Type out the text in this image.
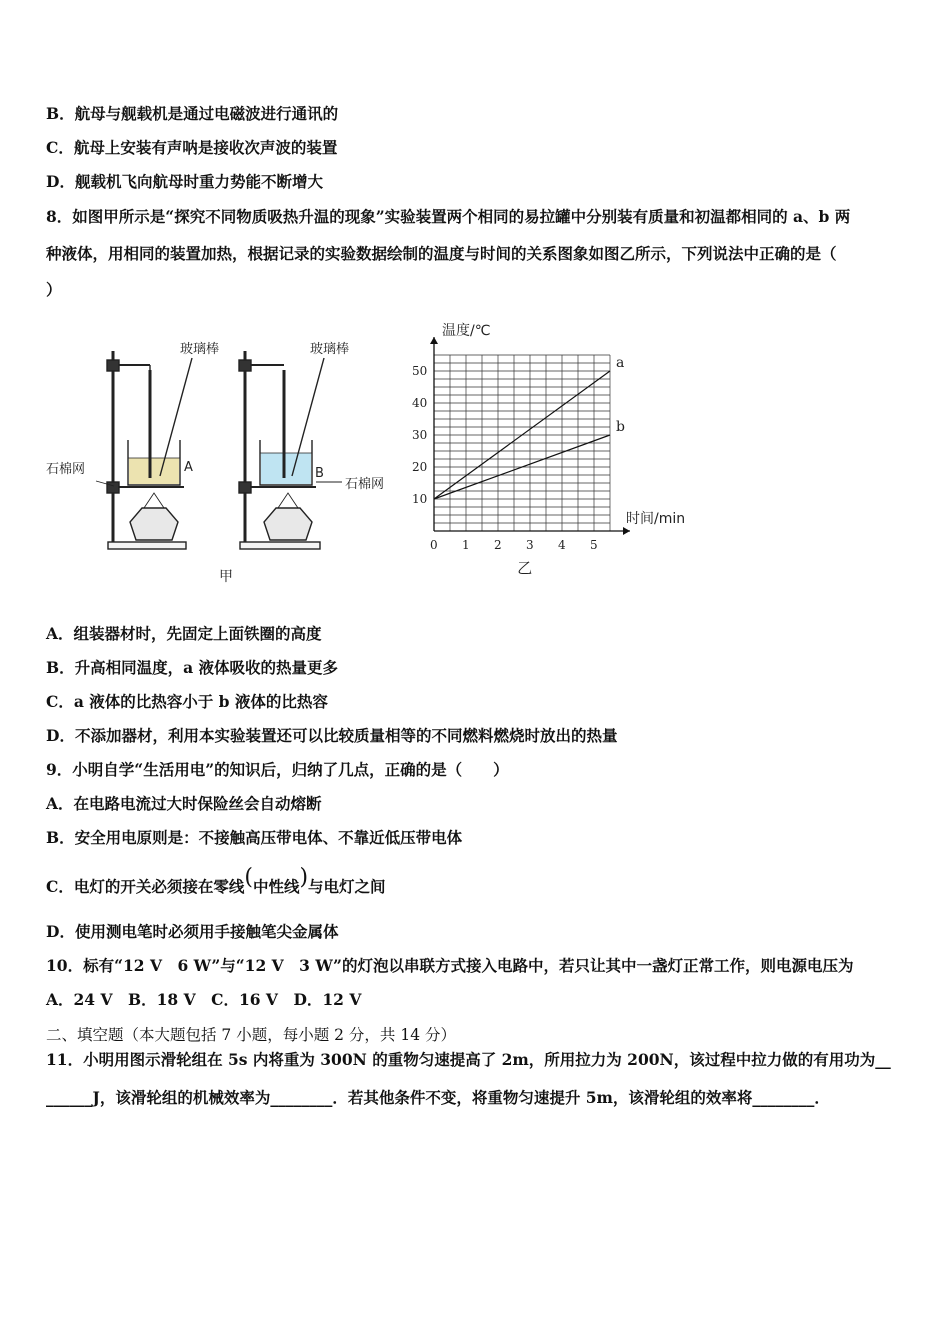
B．航母与舰载机是通过电磁波进行通讯的
C．航母上安装有声呐是接收次声波的装置
D．舰载机飞向航母时重力势能不断增大
8．如图甲所示是“探究不同物质吸热升温的现象”实验装置两个相同的易拉罐中分别装有质量和初温都相同的 a、b 两
种液体，用相同的装置加热，根据记录的实验数据绘制的温度与时间的关系图象如图乙所示，下列说法中正确的是（
）
玻璃棒	玻璃棒
石棉网
石棉网
A	B
甲
温度/℃
时间/min
0 1 2 3 4 5
10
20
30
40
50	a
b
乙
A．组装器材时，先固定上面铁圈的高度
B．升高相同温度，a 液体吸收的热量更多
C．a 液体的比热容小于 b 液体的比热容
D．不添加器材，利用本实验装置还可以比较质量相等的不同燃料燃烧时放出的热量
9．小明自学“生活用电”的知识后，归纳了几点，正确的是（　　）
A．在电路电流过大时保险丝会自动熔断
B．安全用电原则是：不接触高压带电体、不靠近低压带电体
C．电灯的开关必须接在零线(中性线)与电灯之间
D．使用测电笔时必须用手接触笔尖金属体
10．标有“12 V　6 W”与“12 V　3 W”的灯泡以串联方式接入电路中，若只让其中一盏灯正常工作，则电源电压为
A．24 V　B．18 V　C．16 V　D．12 V
二、填空题（本大题包括 7 小题，每小题 2 分，共 14 分）
11．小明用图示滑轮组在 5s 内将重为 300N 的重物匀速提高了 2m，所用拉力为 200N，该过程中拉力做的有用功为__
______J，该滑轮组的机械效率为________．若其他条件不变，将重物匀速提升 5m，该滑轮组的效率将________．
